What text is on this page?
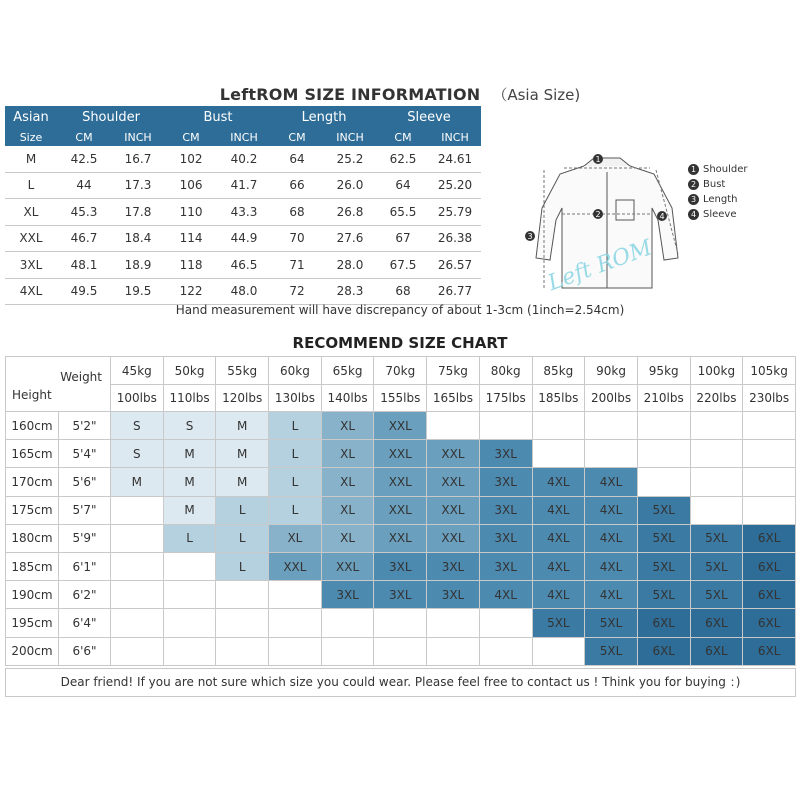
LeftROM SIZE INFORMATION （Asia Size)
Asian	Shoulder		Bust		Length		Sleeve	
Size	CM	INCH	CM	INCH	CM	INCH	CM	INCH
M	42.5	16.7	102	40.2	64	25.2	62.5	24.61
L	44	17.3	106	41.7	66	26.0	64	25.20
XL	45.3	17.8	110	43.3	68	26.8	65.5	25.79
XXL	46.7	18.4	114	44.9	70	27.6	67	26.38
3XL	48.1	18.9	118	46.5	71	28.0	67.5	26.57
4XL	49.5	19.5	122	48.0	72	28.3	68	26.77
1
2
3
4
Left ROM
1 Shoulder
2 Bust
3 Length
4 Sleeve
Hand measurement will have discrepancy of about 1-3cm (1inch=2.54cm)
RECOMMEND SIZE CHART
Weight
Height		45kg	50kg	55kg	60kg	65kg	70kg	75kg	80kg	85kg	90kg	95kg	100kg	105kg
		100lbs	110lbs	120lbs	130lbs	140lbs	155lbs	165lbs	175lbs	185lbs	200lbs	210lbs	220lbs	230lbs
160cm	5'2"	S	S	M	L	XL	XXL							
165cm	5'4"	S	M	M	L	XL	XXL	XXL	3XL					
170cm	5'6"	M	M	M	L	XL	XXL	XXL	3XL	4XL	4XL			
175cm	5'7"		M	L	L	XL	XXL	XXL	3XL	4XL	4XL	5XL		
180cm	5'9"		L	L	XL	XL	XXL	XXL	3XL	4XL	4XL	5XL	5XL	6XL
185cm	6'1"			L	XXL	XXL	3XL	3XL	3XL	4XL	4XL	5XL	5XL	6XL
190cm	6'2"					3XL	3XL	3XL	4XL	4XL	4XL	5XL	5XL	6XL
195cm	6'4"									5XL	5XL	6XL	6XL	6XL
200cm	6'6"										5XL	6XL	6XL	6XL
Dear friend! If you are not sure which size you could wear. Please feel free to contact us ! Think you for buying ：)
